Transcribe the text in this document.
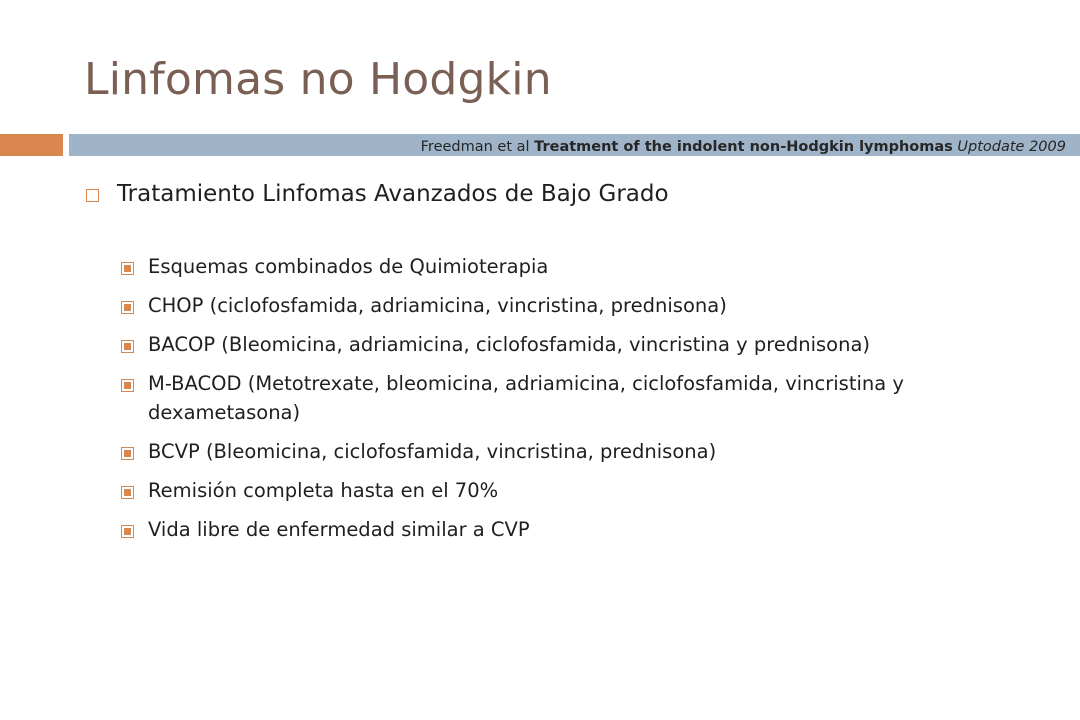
Linfomas no Hodgkin
Freedman et al Treatment of the indolent non-Hodgkin lymphomas Uptodate 2009
Tratamiento Linfomas Avanzados de Bajo Grado
Esquemas combinados de Quimioterapia
CHOP (ciclofosfamida, adriamicina, vincristina, prednisona)
BACOP (Bleomicina, adriamicina, ciclofosfamida, vincristina y prednisona)
M-BACOD (Metotrexate, bleomicina, adriamicina, ciclofosfamida, vincristina y dexametasona)
BCVP (Bleomicina, ciclofosfamida, vincristina, prednisona)
Remisión completa hasta en el 70%
Vida libre de enfermedad similar a CVP
